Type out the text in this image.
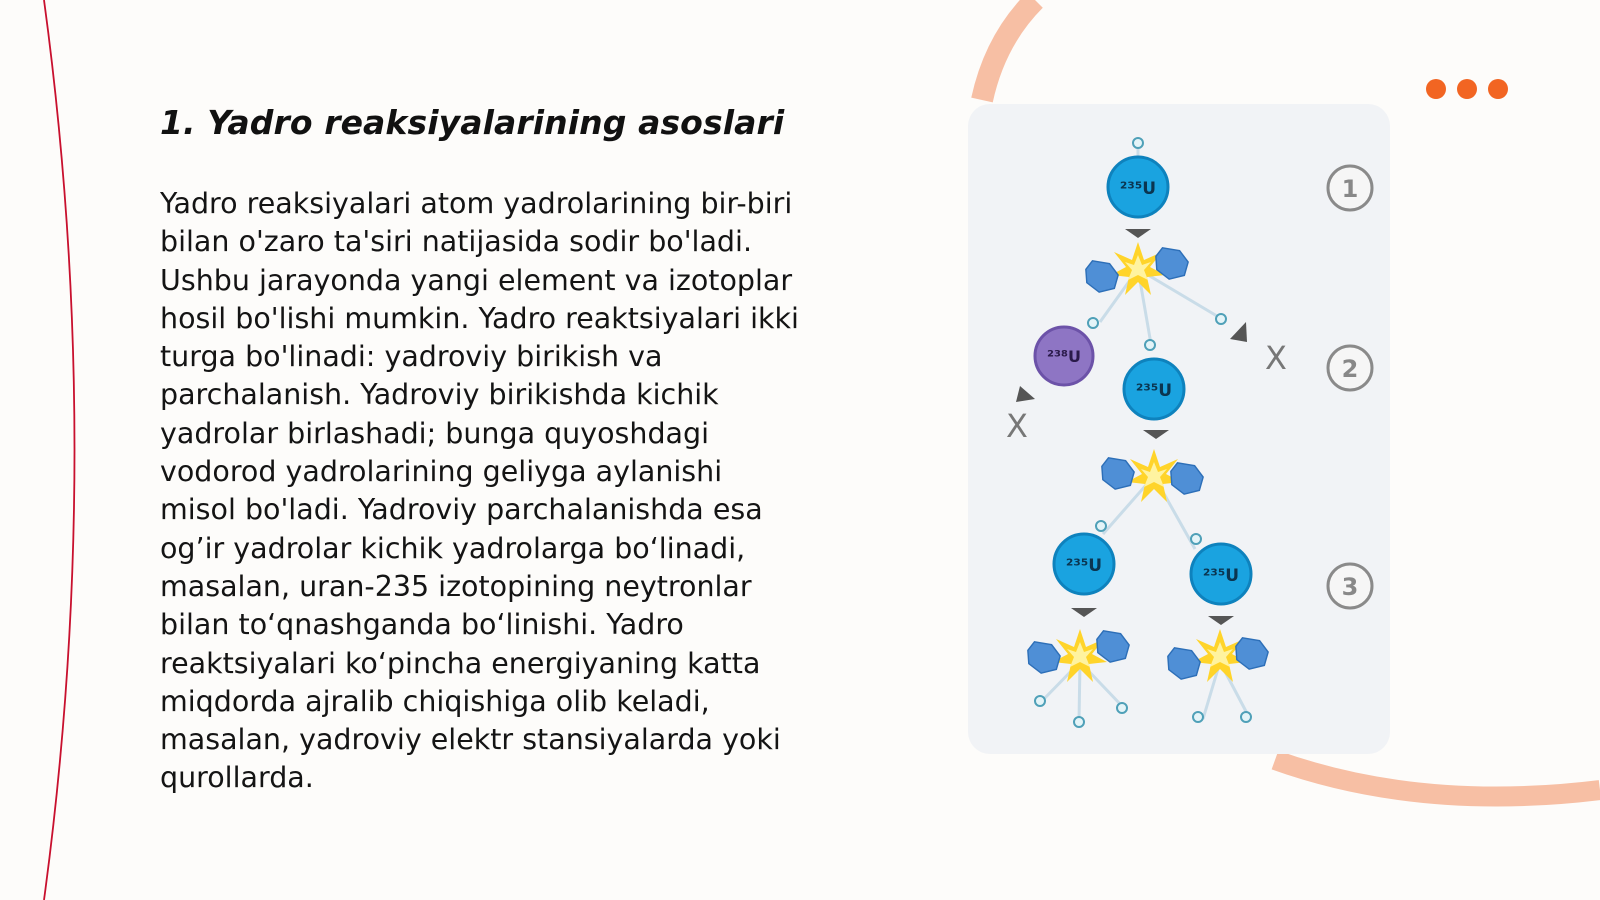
1. Yadro reaksiyalarining asoslari

Yadro reaksiyalari atom yadrolarining bir-biri
bilan o'zaro ta'siri natijasida sodir bo'ladi.
Ushbu jarayonda yangi element va izotoplar
hosil bo'lishi mumkin. Yadro reaktsiyalari ikki
turga bo'linadi: yadroviy birikish va
parchalanish. Yadroviy birikishda kichik
yadrolar birlashadi; bunga quyoshdagi
vodorod yadrolarining geliyga aylanishi
misol bo'ladi. Yadroviy parchalanishda esa
og’ir yadrolar kichik yadrolarga bo‘linadi,
masalan, uran-235 izotopining neytronlar
bilan to‘qnashganda bo‘linishi. Yadro
reaktsiyalari ko‘pincha energiyaning katta
miqdorda ajralib chiqishiga olib keladi,
masalan, yadroviy elektr stansiyalarda yoki
qurollarda.

²³⁵U
²³⁸U
²³⁵U
²³⁵U	²³⁵U
X
X
1
2
3
